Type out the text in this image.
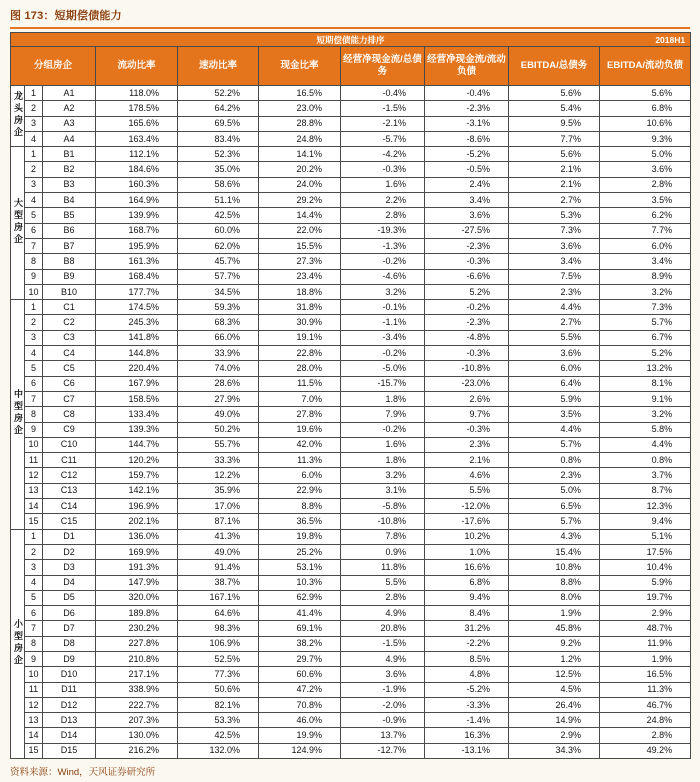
图 173：短期偿债能力
短期偿债能力排序 2018H1									

分组房企			流动比率	速动比率	现金比率	经营净现金流/总债务	经营净现金流/流动负债	EBITDA/总债务	EBITDA/流动负债
龙头房企	1	A1	118.0%	52.2%	16.5%	-0.4%	-0.4%	5.6%	5.6%
	2	A2	178.5%	64.2%	23.0%	-1.5%	-2.3%	5.4%	6.8%
	3	A3	165.6%	69.5%	28.8%	-2.1%	-3.1%	9.5%	10.6%
	4	A4	163.4%	83.4%	24.8%	-5.7%	-8.6%	7.7%	9.3%
大型房企	1	B1	112.1%	52.3%	14.1%	-4.2%	-5.2%	5.6%	5.0%
	2	B2	184.6%	35.0%	20.2%	-0.3%	-0.5%	2.1%	3.6%
	3	B3	160.3%	58.6%	24.0%	1.6%	2.4%	2.1%	2.8%
	4	B4	164.9%	51.1%	29.2%	2.2%	3.4%	2.7%	3.5%
	5	B5	139.9%	42.5%	14.4%	2.8%	3.6%	5.3%	6.2%
	6	B6	168.7%	60.0%	22.0%	-19.3%	-27.5%	7.3%	7.7%
	7	B7	195.9%	62.0%	15.5%	-1.3%	-2.3%	3.6%	6.0%
	8	B8	161.3%	45.7%	27.3%	-0.2%	-0.3%	3.4%	3.4%
	9	B9	168.4%	57.7%	23.4%	-4.6%	-6.6%	7.5%	8.9%
	10	B10	177.7%	34.5%	18.8%	3.2%	5.2%	2.3%	3.2%
中型房企	1	C1	174.5%	59.3%	31.8%	-0.1%	-0.2%	4.4%	7.3%
	2	C2	245.3%	68.3%	30.9%	-1.1%	-2.3%	2.7%	5.7%
	3	C3	141.8%	66.0%	19.1%	-3.4%	-4.8%	5.5%	6.7%
	4	C4	144.8%	33.9%	22.8%	-0.2%	-0.3%	3.6%	5.2%
	5	C5	220.4%	74.0%	28.0%	-5.0%	-10.8%	6.0%	13.2%
	6	C6	167.9%	28.6%	11.5%	-15.7%	-23.0%	6.4%	8.1%
	7	C7	158.5%	27.9%	7.0%	1.8%	2.6%	5.9%	9.1%
	8	C8	133.4%	49.0%	27.8%	7.9%	9.7%	3.5%	3.2%
	9	C9	139.3%	50.2%	19.6%	-0.2%	-0.3%	4.4%	5.8%
	10	C10	144.7%	55.7%	42.0%	1.6%	2.3%	5.7%	4.4%
	11	C11	120.2%	33.3%	11.3%	1.8%	2.1%	0.8%	0.8%
	12	C12	159.7%	12.2%	6.0%	3.2%	4.6%	2.3%	3.7%
	13	C13	142.1%	35.9%	22.9%	3.1%	5.5%	5.0%	8.7%
	14	C14	196.9%	17.0%	8.8%	-5.8%	-12.0%	6.5%	12.3%
	15	C15	202.1%	87.1%	36.5%	-10.8%	-17.6%	5.7%	9.4%
小型房企	1	D1	136.0%	41.3%	19.8%	7.8%	10.2%	4.3%	5.1%
	2	D2	169.9%	49.0%	25.2%	0.9%	1.0%	15.4%	17.5%
	3	D3	191.3%	91.4%	53.1%	11.8%	16.6%	10.8%	10.4%
	4	D4	147.9%	38.7%	10.3%	5.5%	6.8%	8.8%	5.9%
	5	D5	320.0%	167.1%	62.9%	2.8%	9.4%	8.0%	19.7%
	6	D6	189.8%	64.6%	41.4%	4.9%	8.4%	1.9%	2.9%
	7	D7	230.2%	98.3%	69.1%	20.8%	31.2%	45.8%	48.7%
	8	D8	227.8%	106.9%	38.2%	-1.5%	-2.2%	9.2%	11.9%
	9	D9	210.8%	52.5%	29.7%	4.9%	8.5%	1.2%	1.9%
	10	D10	217.1%	77.3%	60.6%	3.6%	4.8%	12.5%	16.5%
	11	D11	338.9%	50.6%	47.2%	-1.9%	-5.2%	4.5%	11.3%
	12	D12	222.7%	82.1%	70.8%	-2.0%	-3.3%	26.4%	46.7%
	13	D13	207.3%	53.3%	46.0%	-0.9%	-1.4%	14.9%	24.8%
	14	D14	130.0%	42.5%	19.9%	13.7%	16.3%	2.9%	2.8%
	15	D15	216.2%	132.0%	124.9%	-12.7%	-13.1%	34.3%	49.2%
资料来源：Wind，天风证券研究所
